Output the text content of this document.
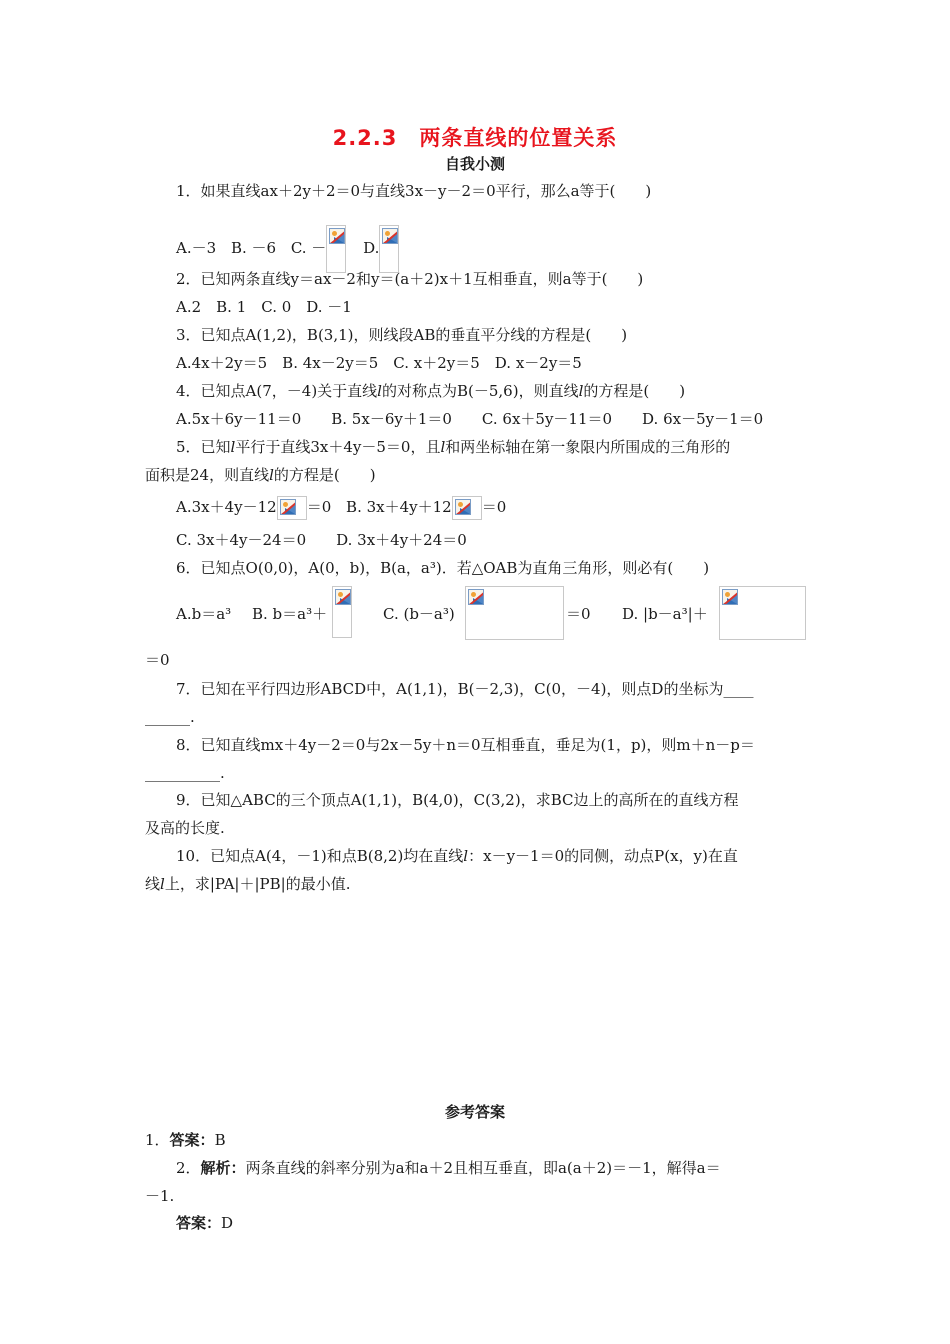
2.2.3　两条直线的位置关系
自我小测
1．如果直线ax＋2y＋2＝0与直线3x－y－2＝0平行，那么a等于(　　)
A.－3 B. －6 C. － D.
2．已知两条直线y＝ax－2和y＝(a＋2)x＋1互相垂直，则a等于(　　)
A.2　B. 1　C. 0　D. －1
3．已知点A(1,2)，B(3,1)，则线段AB的垂直平分线的方程是(　　)
A.4x＋2y＝5　B. 4x－2y＝5　C. x＋2y＝5　D. x－2y＝5
4．已知点A(7，－4)关于直线l的对称点为B(－5,6)，则直线l的方程是(　　)
A.5x＋6y－11＝0　　B. 5x－6y＋1＝0　　C. 6x＋5y－11＝0　　D. 6x－5y－1＝0
5．已知l平行于直线3x＋4y－5＝0，且l和两坐标轴在第一象限内所围成的三角形的
面积是24，则直线l的方程是(　　)
A.3x＋4y－12 ＝0 B. 3x＋4y＋12 ＝0
C. 3x＋4y－24＝0　　D. 3x＋4y＋24＝0
6．已知点O(0,0)，A(0，b)，B(a，a³)．若△OAB为直角三角形，则必有(　　)
A.b＝a³ B. b＝a³＋	C. (b－a³)	＝0 D. |b－a³|＋
＝0
7．已知在平行四边形ABCD中，A(1,1)，B(－2,3)，C(0，－4)，则点D的坐标为____
______.
8．已知直线mx＋4y－2＝0与2x－5y＋n＝0互相垂直，垂足为(1，p)，则m＋n－p＝
__________.
9．已知△ABC的三个顶点A(1,1)，B(4,0)，C(3,2)，求BC边上的高所在的直线方程
及高的长度.
10．已知点A(4，－1)和点B(8,2)均在直线l：x－y－1＝0的同侧，动点P(x，y)在直
线l上，求|PA|＋|PB|的最小值.
参考答案
1．答案：B
2．解析：两条直线的斜率分别为a和a＋2且相互垂直，即a(a＋2)＝－1，解得a＝
－1.
答案：D
